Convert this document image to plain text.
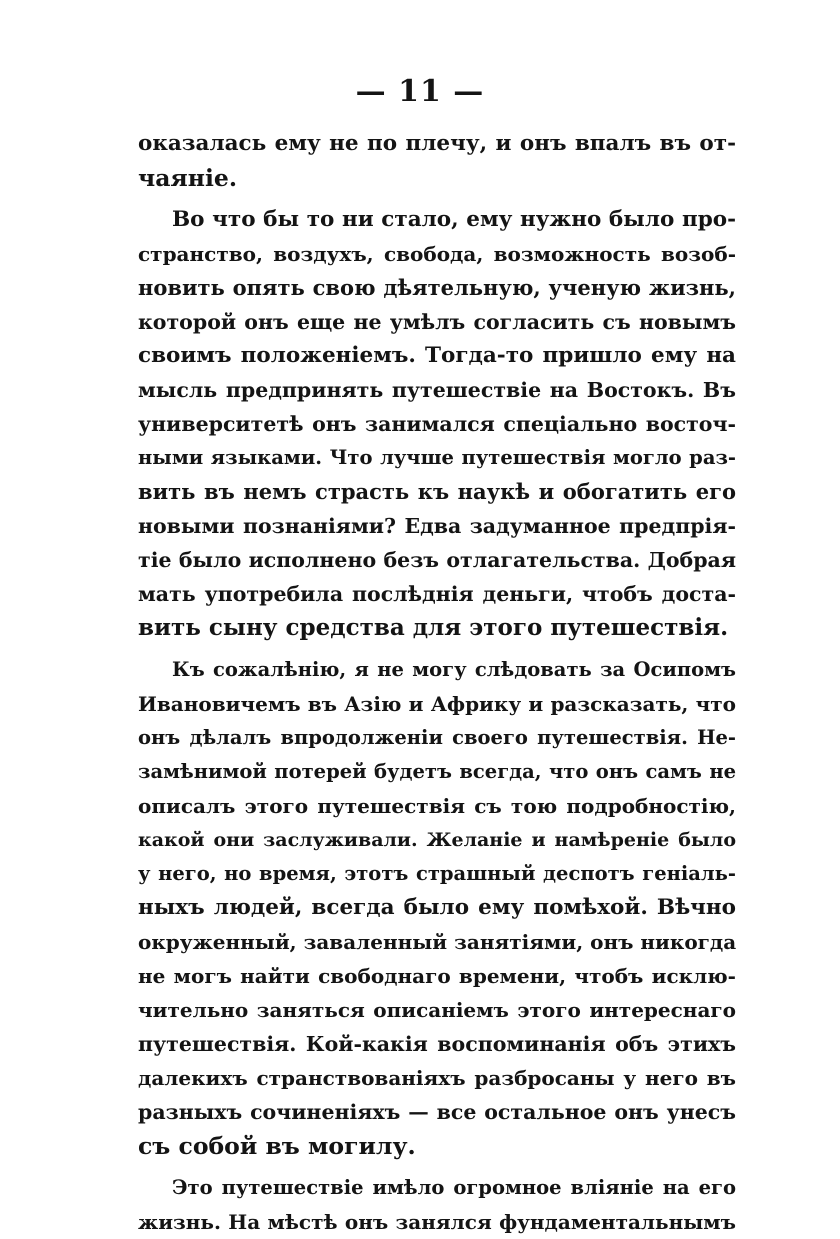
— 11 —
оказалась ему не по плечу, и онъ впалъ въ от-
чаяніе.
Во что бы то ни стало, ему нужно было про-
странство, воздухъ, свобода, возможность возоб-
новить опять свою дѣятельную, ученую жизнь,
которой онъ еще не умѣлъ согласить съ новымъ
своимъ положеніемъ. Тогда-то пришло ему на
мысль предпринять путешествіе на Востокъ. Въ
университетѣ онъ занимался спеціально восточ-
ными языками. Что лучше путешествія могло раз-
вить въ немъ страсть къ наукѣ и обогатить его
новыми познаніями? Едва задуманное предпрія-
тіе было исполнено безъ отлагательства. Добрая
мать употребила послѣднія деньги, чтобъ доста-
вить сыну средства для этого путешествія.
Къ сожалѣнію, я не могу слѣдовать за Осипомъ
Ивановичемъ въ Азію и Африку и разсказать, что
онъ дѣлалъ впродолженіи своего путешествія. Не-
замѣнимой потерей будетъ всегда, что онъ самъ не
описалъ этого путешествія съ тою подробностію,
какой они заслуживали. Желаніе и намѣреніе было
у него, но время, этотъ страшный деспотъ геніаль-
ныхъ людей, всегда было ему помѣхой. Вѣчно
окруженный, заваленный занятіями, онъ никогда
не могъ найти свободнаго времени, чтобъ исклю-
чительно заняться описаніемъ этого интереснаго
путешествія. Кой-какія воспоминанія объ этихъ
далекихъ странствованіяхъ разбросаны у него въ
разныхъ сочиненіяхъ — все остальное онъ унесъ
съ собой въ могилу.
Это путешествіе имѣло огромное вліяніе на его
жизнь. На мѣстѣ онъ занялся фундаментальнымъ
